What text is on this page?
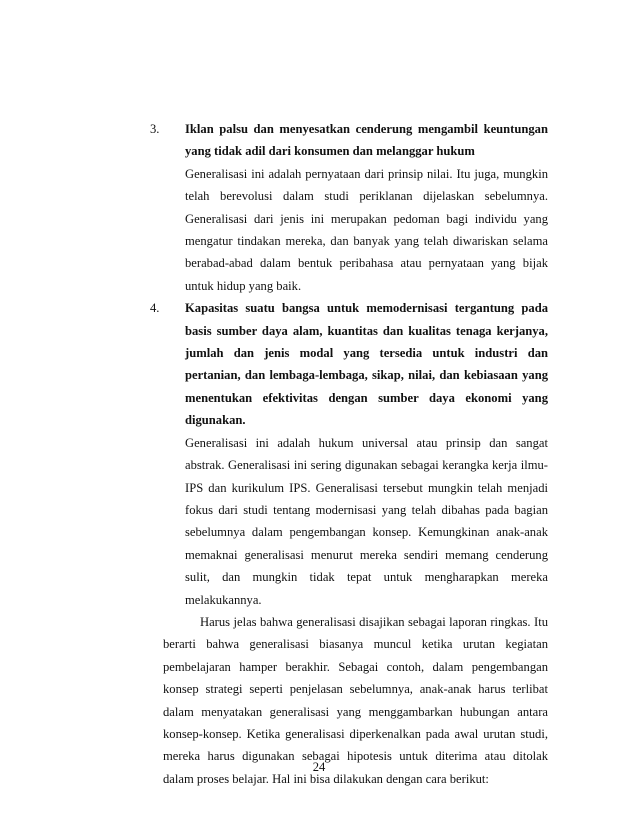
3. Iklan palsu dan menyesatkan cenderung mengambil keuntungan yang tidak adil dari konsumen dan melanggar hukum
Generalisasi ini adalah pernyataan dari prinsip nilai. Itu juga, mungkin telah berevolusi dalam studi periklanan dijelaskan sebelumnya. Generalisasi dari jenis ini merupakan pedoman bagi individu yang mengatur tindakan mereka, dan banyak yang telah diwariskan selama berabad-abad dalam bentuk peribahasa atau pernyataan yang bijak untuk hidup yang baik.
4. Kapasitas suatu bangsa untuk memodernisasi tergantung pada basis sumber daya alam, kuantitas dan kualitas tenaga kerjanya, jumlah dan jenis modal yang tersedia untuk industri dan pertanian, dan lembaga-lembaga, sikap, nilai, dan kebiasaan yang menentukan efektivitas dengan sumber daya ekonomi yang digunakan.
Generalisasi ini adalah hukum universal atau prinsip dan sangat abstrak. Generalisasi ini sering digunakan sebagai kerangka kerja ilmu-IPS dan kurikulum IPS. Generalisasi tersebut mungkin telah menjadi fokus dari studi tentang modernisasi yang telah dibahas pada bagian sebelumnya dalam pengembangan konsep. Kemungkinan anak-anak memaknai generalisasi menurut mereka sendiri memang cenderung sulit, dan mungkin tidak tepat untuk mengharapkan mereka melakukannya.

Harus jelas bahwa generalisasi disajikan sebagai laporan ringkas. Itu berarti bahwa generalisasi biasanya muncul ketika urutan kegiatan pembelajaran hamper berakhir. Sebagai contoh, dalam pengembangan konsep strategi seperti penjelasan sebelumnya, anak-anak harus terlibat dalam menyatakan generalisasi yang menggambarkan hubungan antara konsep-konsep. Ketika generalisasi diperkenalkan pada awal urutan studi, mereka harus digunakan sebagai hipotesis untuk diterima atau ditolak dalam proses belajar. Hal ini bisa dilakukan dengan cara berikut:

24
